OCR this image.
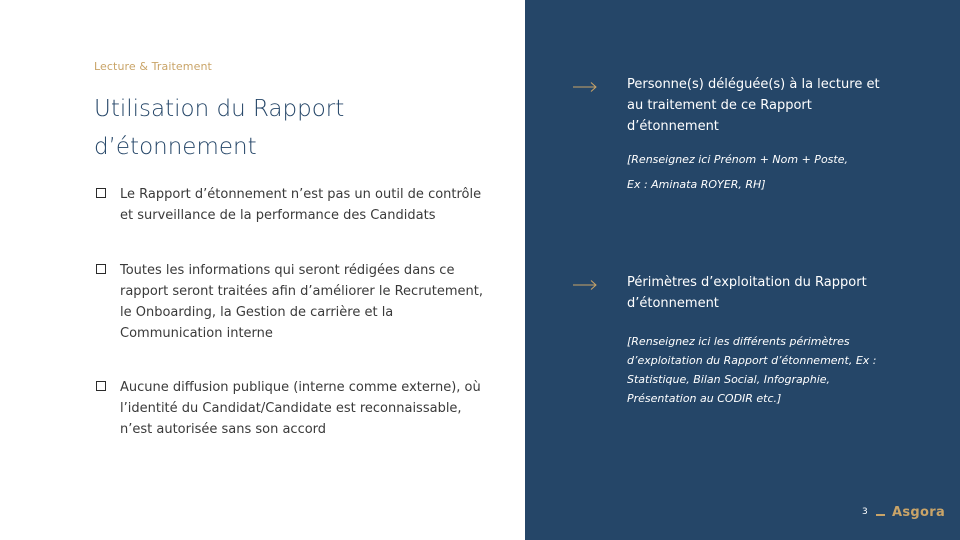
Lecture & Traitement
Utilisation du Rapport d’étonnement
Le Rapport d’étonnement n’est pas un outil de contrôle et surveillance de la performance des Candidats
Toutes les informations qui seront rédigées dans ce rapport seront traitées afin d’améliorer le Recrutement, le Onboarding, la Gestion de carrière et la Communication interne
Aucune diffusion publique (interne comme externe), où l’identité du Candidat/Candidate est reconnaissable, n’est autorisée sans son accord
Personne(s) déléguée(s) à la lecture et au traitement de ce Rapport d’étonnement
[Renseignez ici Prénom + Nom + Poste,
Ex : Aminata ROYER, RH]
Périmètres d’exploitation du Rapport d’étonnement
[Renseignez ici les différents périmètres d’exploitation du Rapport d’étonnement, Ex : Statistique, Bilan Social, Infographie, Présentation au CODIR etc.]
3 Asgora
